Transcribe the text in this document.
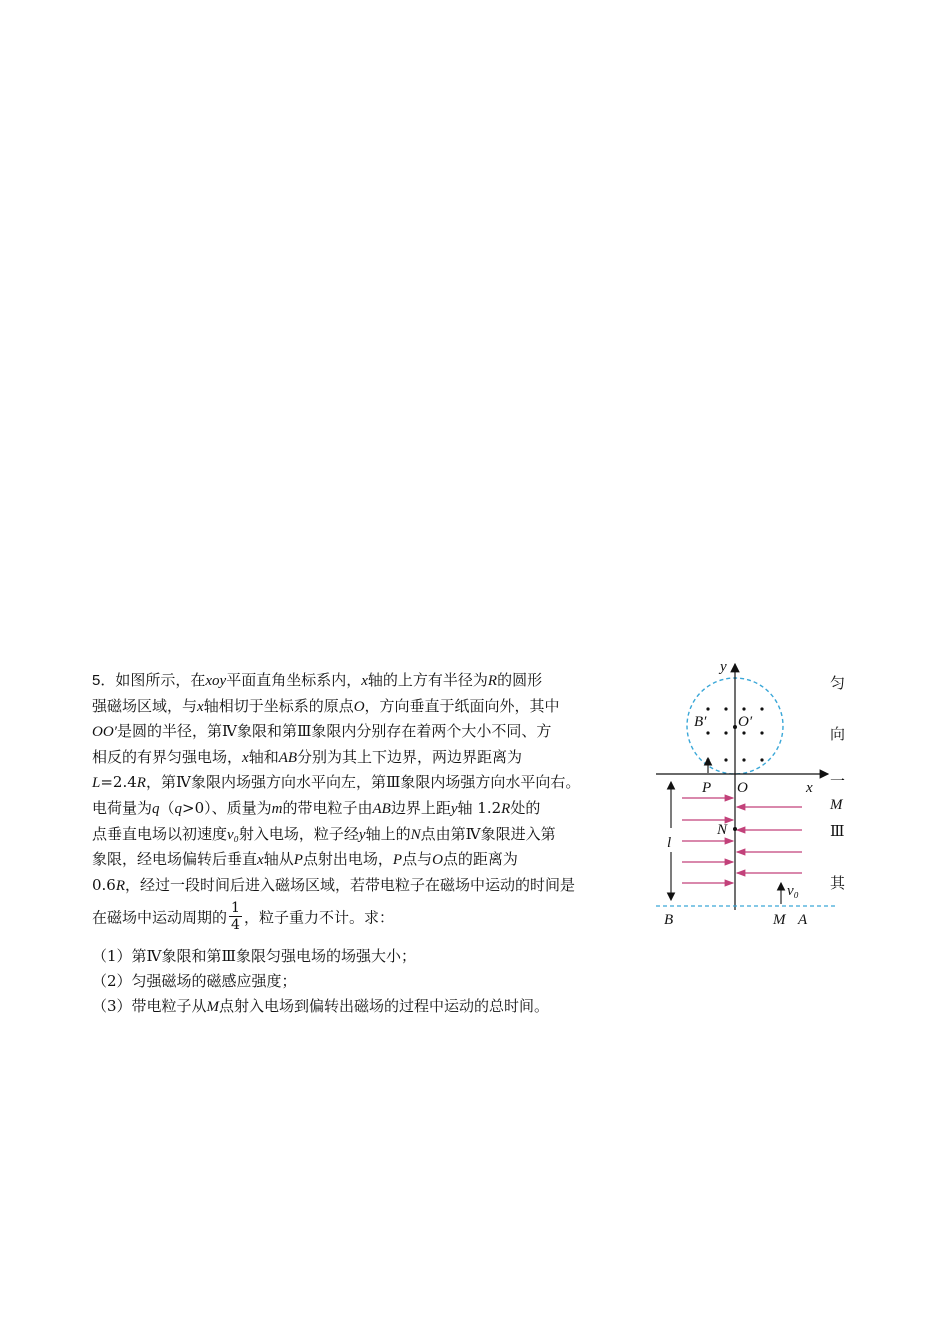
5．如图所示，在xoy平面直角坐标系内，x轴的上方有半径为R的圆形

强磁场区域，与x轴相切于坐标系的原点O，方向垂直于纸面向外，其中

OO′是圆的半径，第Ⅳ象限和第Ⅲ象限内分别存在着两个大小不同、方

相反的有界匀强电场，x轴和AB分别为其上下边界，两边界距离为

L=2.4R，第Ⅳ象限内场强方向水平向左，第Ⅲ象限内场强方向水平向右。

电荷量为q（q>0）、质量为m的带电粒子由AB边界上距y轴 1.2R处的

点垂直电场以初速度v₀射入电场，粒子经y轴上的N点由第Ⅳ象限进入第

象限，经电场偏转后垂直x轴从P点射出电场，P点与O点的距离为

0.6R，经过一段时间后进入磁场区域，若带电粒子在磁场中运动的时间是

在磁场中运动周期的 $\frac{1}{4}$ ，粒子重力不计。求：

（1）第Ⅳ象限和第Ⅲ象限匀强电场的场强大小；

（2）匀强磁场的磁感应强度；

（3）带电粒子从M点射入电场到偏转出磁场的过程中运动的总时间。

匀
向
一
M
Ⅲ
其
y
x
B′ O′
P O
N
l
v₀
B	M A
